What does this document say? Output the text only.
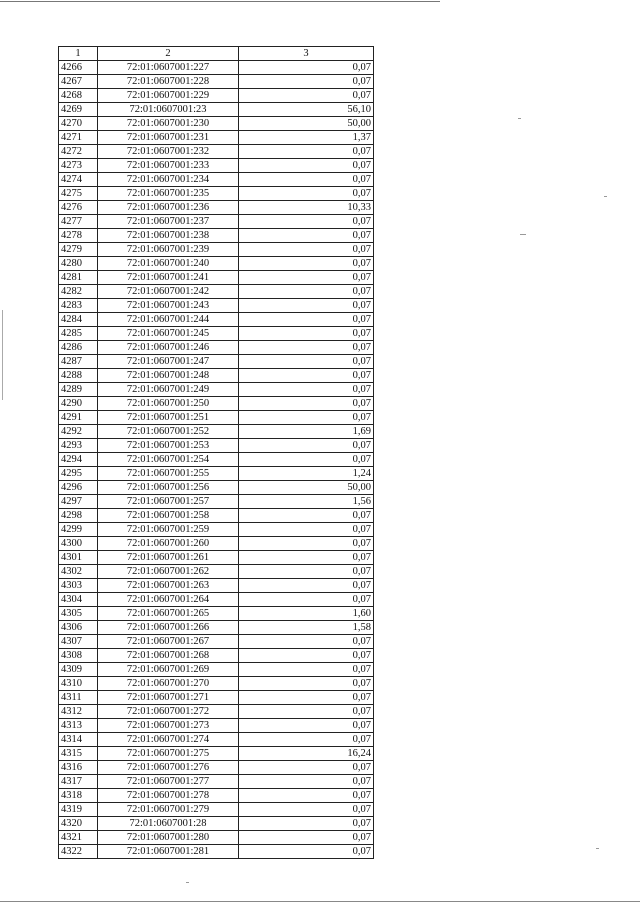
1	2	3
4266	72:01:0607001:227	0,07
4267	72:01:0607001:228	0,07
4268	72:01:0607001:229	0,07
4269	72:01:0607001:23	56,10
4270	72:01:0607001:230	50,00
4271	72:01:0607001:231	1,37
4272	72:01:0607001:232	0,07
4273	72:01:0607001:233	0,07
4274	72:01:0607001:234	0,07
4275	72:01:0607001:235	0,07
4276	72:01:0607001:236	10,33
4277	72:01:0607001:237	0,07
4278	72:01:0607001:238	0,07
4279	72:01:0607001:239	0,07
4280	72:01:0607001:240	0,07
4281	72:01:0607001:241	0,07
4282	72:01:0607001:242	0,07
4283	72:01:0607001:243	0,07
4284	72:01:0607001:244	0,07
4285	72:01:0607001:245	0,07
4286	72:01:0607001:246	0,07
4287	72:01:0607001:247	0,07
4288	72:01:0607001:248	0,07
4289	72:01:0607001:249	0,07
4290	72:01:0607001:250	0,07
4291	72:01:0607001:251	0,07
4292	72:01:0607001:252	1,69
4293	72:01:0607001:253	0,07
4294	72:01:0607001:254	0,07
4295	72:01:0607001:255	1,24
4296	72:01:0607001:256	50,00
4297	72:01:0607001:257	1,56
4298	72:01:0607001:258	0,07
4299	72:01:0607001:259	0,07
4300	72:01:0607001:260	0,07
4301	72:01:0607001:261	0,07
4302	72:01:0607001:262	0,07
4303	72:01:0607001:263	0,07
4304	72:01:0607001:264	0,07
4305	72:01:0607001:265	1,60
4306	72:01:0607001:266	1,58
4307	72:01:0607001:267	0,07
4308	72:01:0607001:268	0,07
4309	72:01:0607001:269	0,07
4310	72:01:0607001:270	0,07
4311	72:01:0607001:271	0,07
4312	72:01:0607001:272	0,07
4313	72:01:0607001:273	0,07
4314	72:01:0607001:274	0,07
4315	72:01:0607001:275	16,24
4316	72:01:0607001:276	0,07
4317	72:01:0607001:277	0,07
4318	72:01:0607001:278	0,07
4319	72:01:0607001:279	0,07
4320	72:01:0607001:28	0,07
4321	72:01:0607001:280	0,07
4322	72:01:0607001:281	0,07
